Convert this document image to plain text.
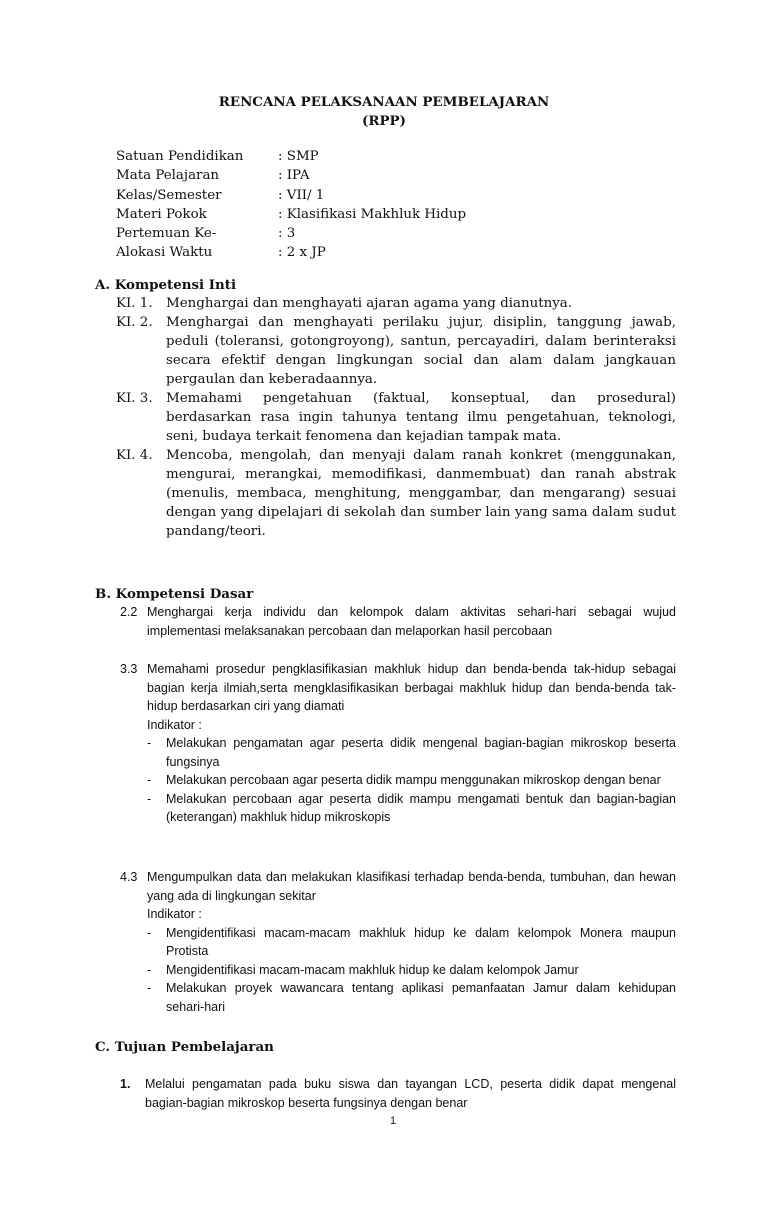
RENCANA PELAKSANAAN PEMBELAJARAN
(RPP)
Satuan Pendidikan	: SMP
Mata Pelajaran	: IPA
Kelas/Semester	: VII/ 1
Materi Pokok	: Klasifikasi Makhluk Hidup
Pertemuan Ke-	: 3
Alokasi Waktu	: 2 x JP
A. Kompetensi Inti
KI. 1.	Menghargai dan menghayati ajaran agama yang dianutnya.
KI. 2.	Menghargai dan menghayati perilaku jujur, disiplin, tanggung jawab, peduli (toleransi, gotongroyong), santun, percayadiri, dalam berinteraksi secara efektif dengan lingkungan social dan alam dalam jangkauan pergaulan dan keberadaannya.
KI. 3.	Memahami pengetahuan (faktual, konseptual, dan prosedural) berdasarkan rasa ingin tahunya tentang ilmu pengetahuan, teknologi, seni, budaya terkait fenomena dan kejadian tampak mata.
KI. 4.	Mencoba, mengolah, dan menyaji dalam ranah konkret (menggunakan, mengurai, merangkai, memodifikasi, danmembuat) dan ranah abstrak (menulis, membaca, menghitung, menggambar, dan mengarang) sesuai dengan yang dipelajari di sekolah dan sumber lain yang sama dalam sudut pandang/teori.
B. Kompetensi Dasar
2.2 Menghargai kerja individu dan kelompok dalam aktivitas sehari-hari sebagai wujud implementasi melaksanakan percobaan dan melaporkan hasil percobaan
3.3 Memahami prosedur pengklasifikasian makhluk hidup dan benda-benda tak-hidup sebagai bagian kerja ilmiah,serta mengklasifikasikan berbagai makhluk hidup dan benda-benda tak-hidup berdasarkan ciri yang diamati
Indikator :
-	Melakukan pengamatan agar peserta didik mengenal bagian-bagian mikroskop beserta fungsinya
-	Melakukan percobaan agar peserta didik mampu menggunakan mikroskop dengan benar
-	Melakukan percobaan agar peserta didik mampu mengamati bentuk dan bagian-bagian (keterangan) makhluk hidup mikroskopis
4.3 Mengumpulkan data dan melakukan klasifikasi terhadap benda-benda, tumbuhan, dan hewan yang ada di lingkungan sekitar
Indikator :
-	Mengidentifikasi macam-macam makhluk hidup ke dalam kelompok Monera maupun Protista
-	Mengidentifikasi macam-macam makhluk hidup ke dalam kelompok Jamur
-	Melakukan proyek wawancara tentang aplikasi pemanfaatan Jamur dalam kehidupan sehari-hari
C. Tujuan Pembelajaran
1.	Melalui pengamatan pada buku siswa dan tayangan LCD, peserta didik dapat mengenal bagian-bagian mikroskop beserta fungsinya dengan benar
1
